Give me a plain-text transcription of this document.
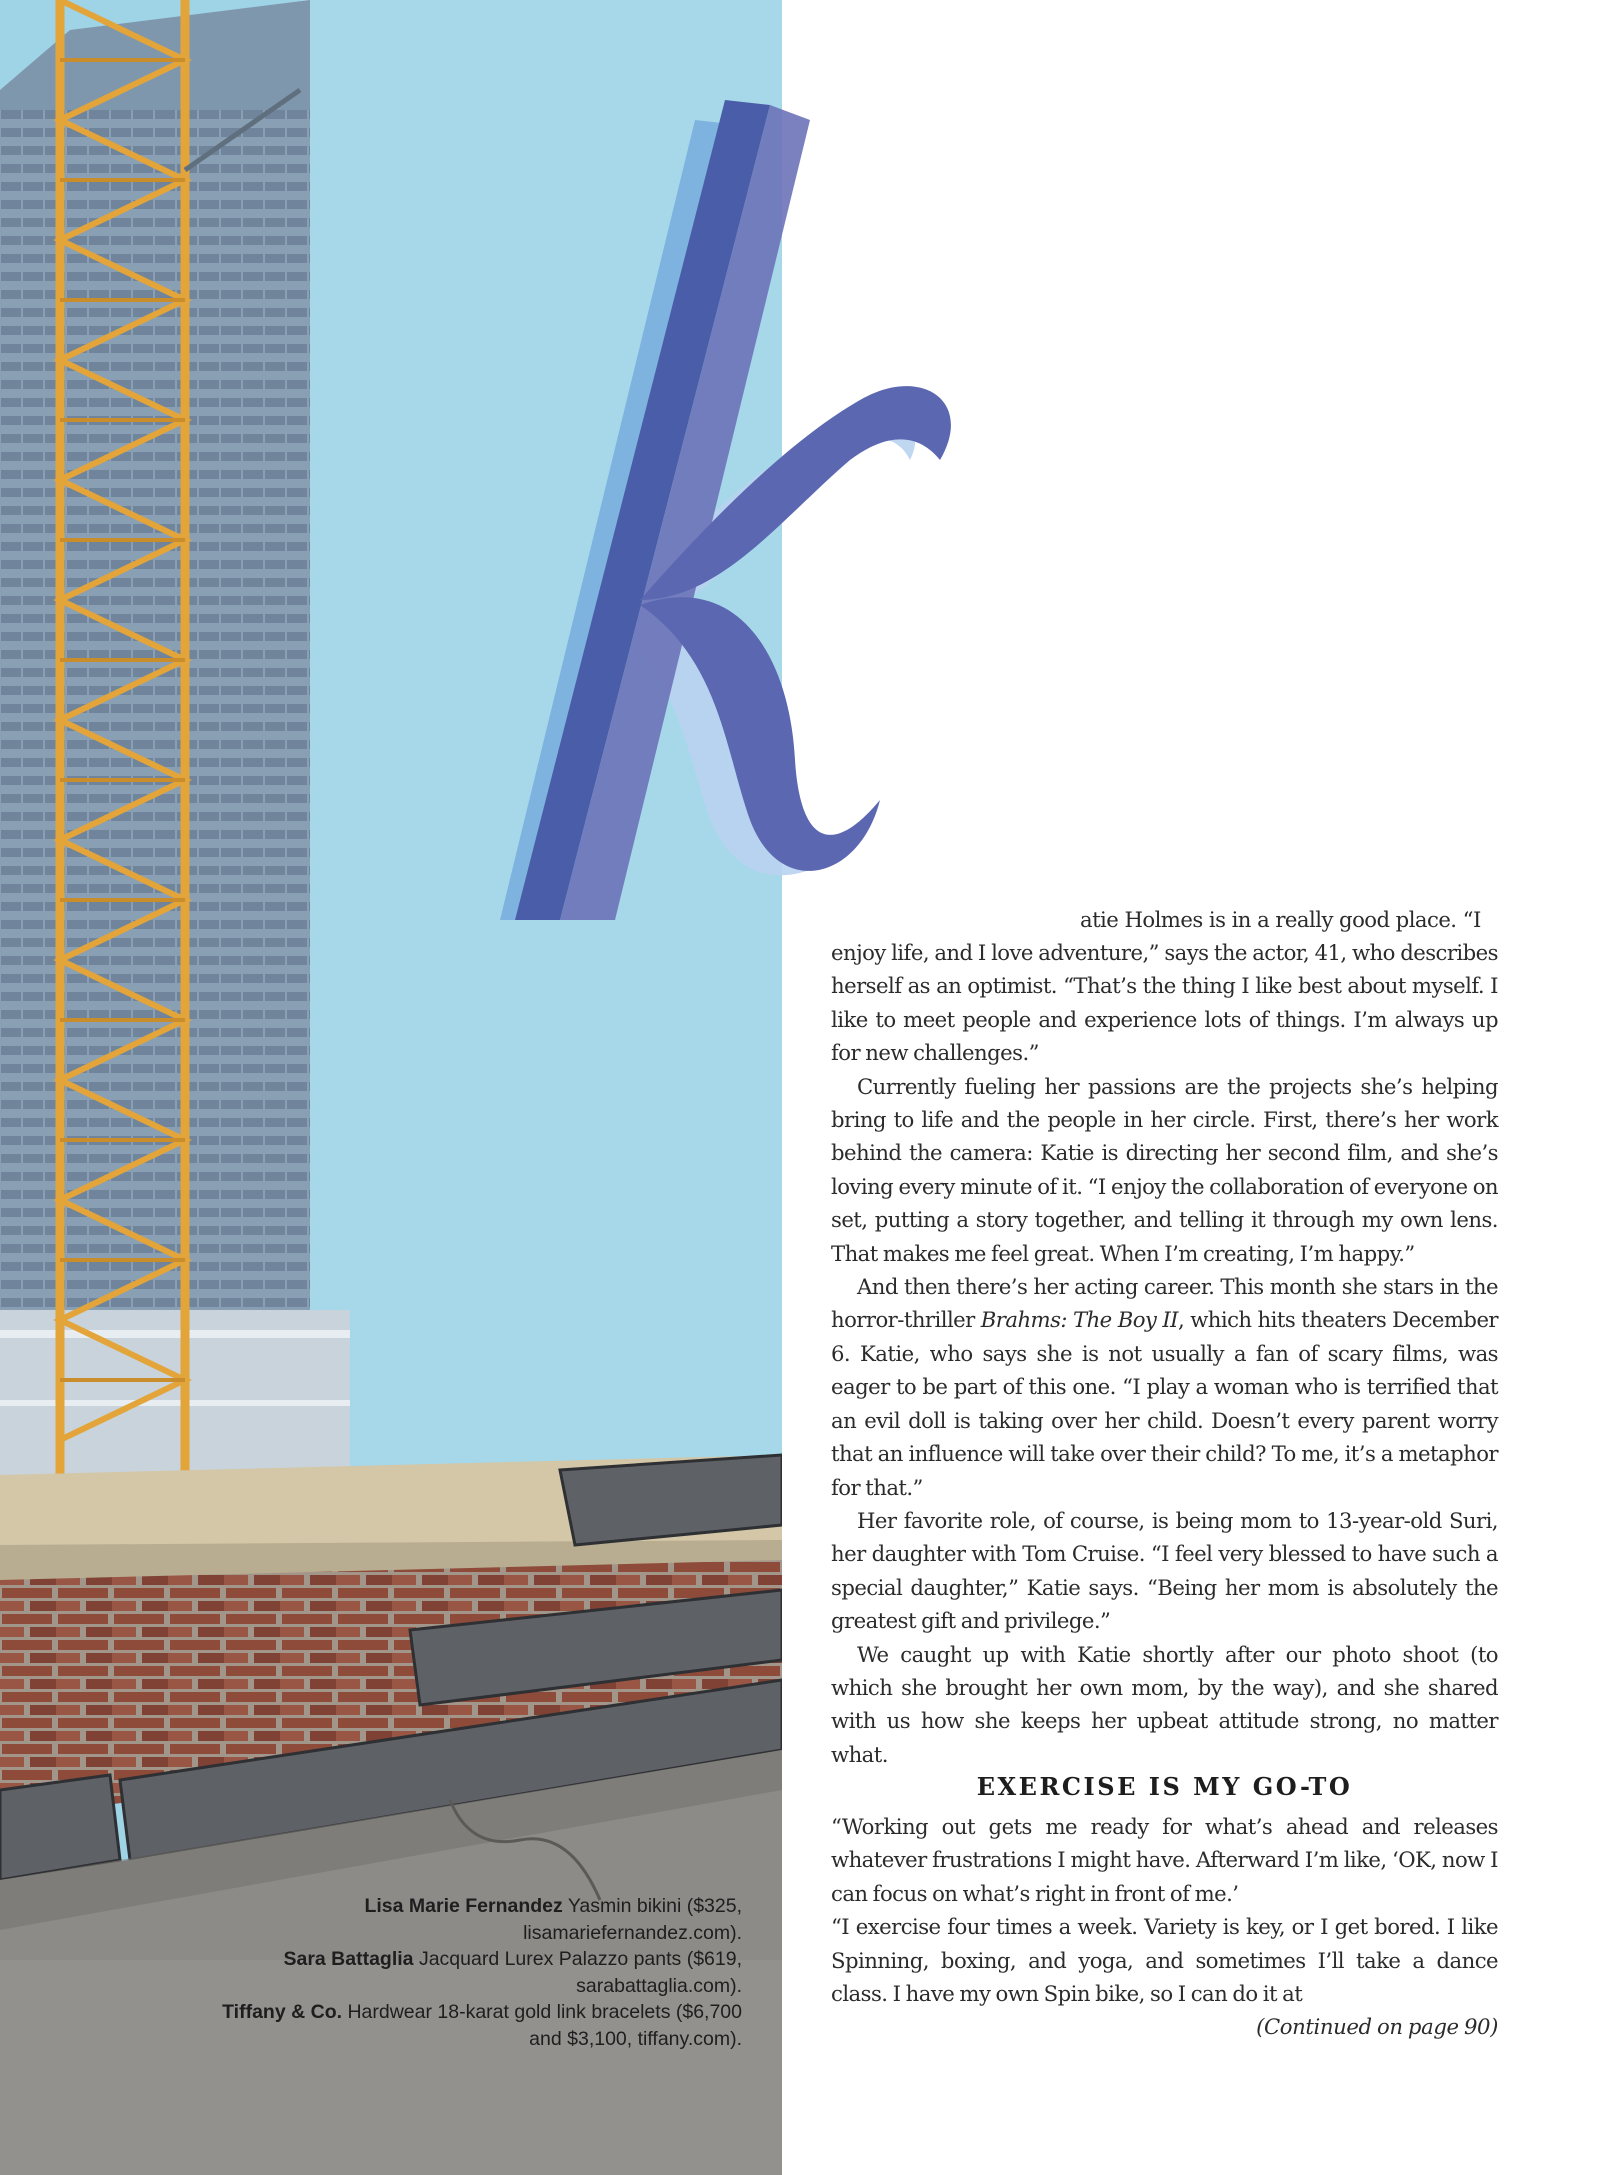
Lisa Marie Fernandez Yasmin bikini ($325, lisamariefernandez.com).

Sara Battaglia Jacquard Lurex Palazzo pants ($619, sarabattaglia.com).

Tiffany & Co. Hardwear 18-karat gold link bracelets ($6,700 and $3,100, tiffany.com).

atie Holmes is in a really good place. “I

enjoy life, and I love adventure,” says the actor, 41, who describes herself as an optimist. “That’s the thing I like best about myself. I like to meet people and experience lots of things. I’m always up for new challenges.”

Currently fueling her passions are the projects she’s helping bring to life and the people in her circle. First, there’s her work behind the camera: Katie is directing her second film, and she’s loving every minute of it. “I enjoy the collaboration of everyone on set, putting a story together, and telling it through my own lens. That makes me feel great. When I’m creating, I’m happy.”

And then there’s her acting career. This month she stars in the horror-thriller Brahms: The Boy II, which hits theaters December 6. Katie, who says she is not usually a fan of scary films, was eager to be part of this one. “I play a woman who is terrified that an evil doll is taking over her child. Doesn’t every parent worry that an influence will take over their child? To me, it’s a metaphor for that.”

Her favorite role, of course, is being mom to 13-year-old Suri, her daughter with Tom Cruise. “I feel very blessed to have such a special daughter,” Katie says. “Being her mom is absolutely the greatest gift and privilege.”

We caught up with Katie shortly after our photo shoot (to which she brought her own mom, by the way), and she shared with us how she keeps her upbeat attitude strong, no matter what.

EXERCISE IS MY GO-TO

“Working out gets me ready for what’s ahead and releases whatever frustrations I might have. Afterward I’m like, ‘OK, now I can focus on what’s right in front of me.’

“I exercise four times a week. Variety is key, or I get bored. I like Spinning, boxing, and yoga, and sometimes I’ll take a dance class. I have my own Spin bike, so I can do it at
(Continued on page 90)
